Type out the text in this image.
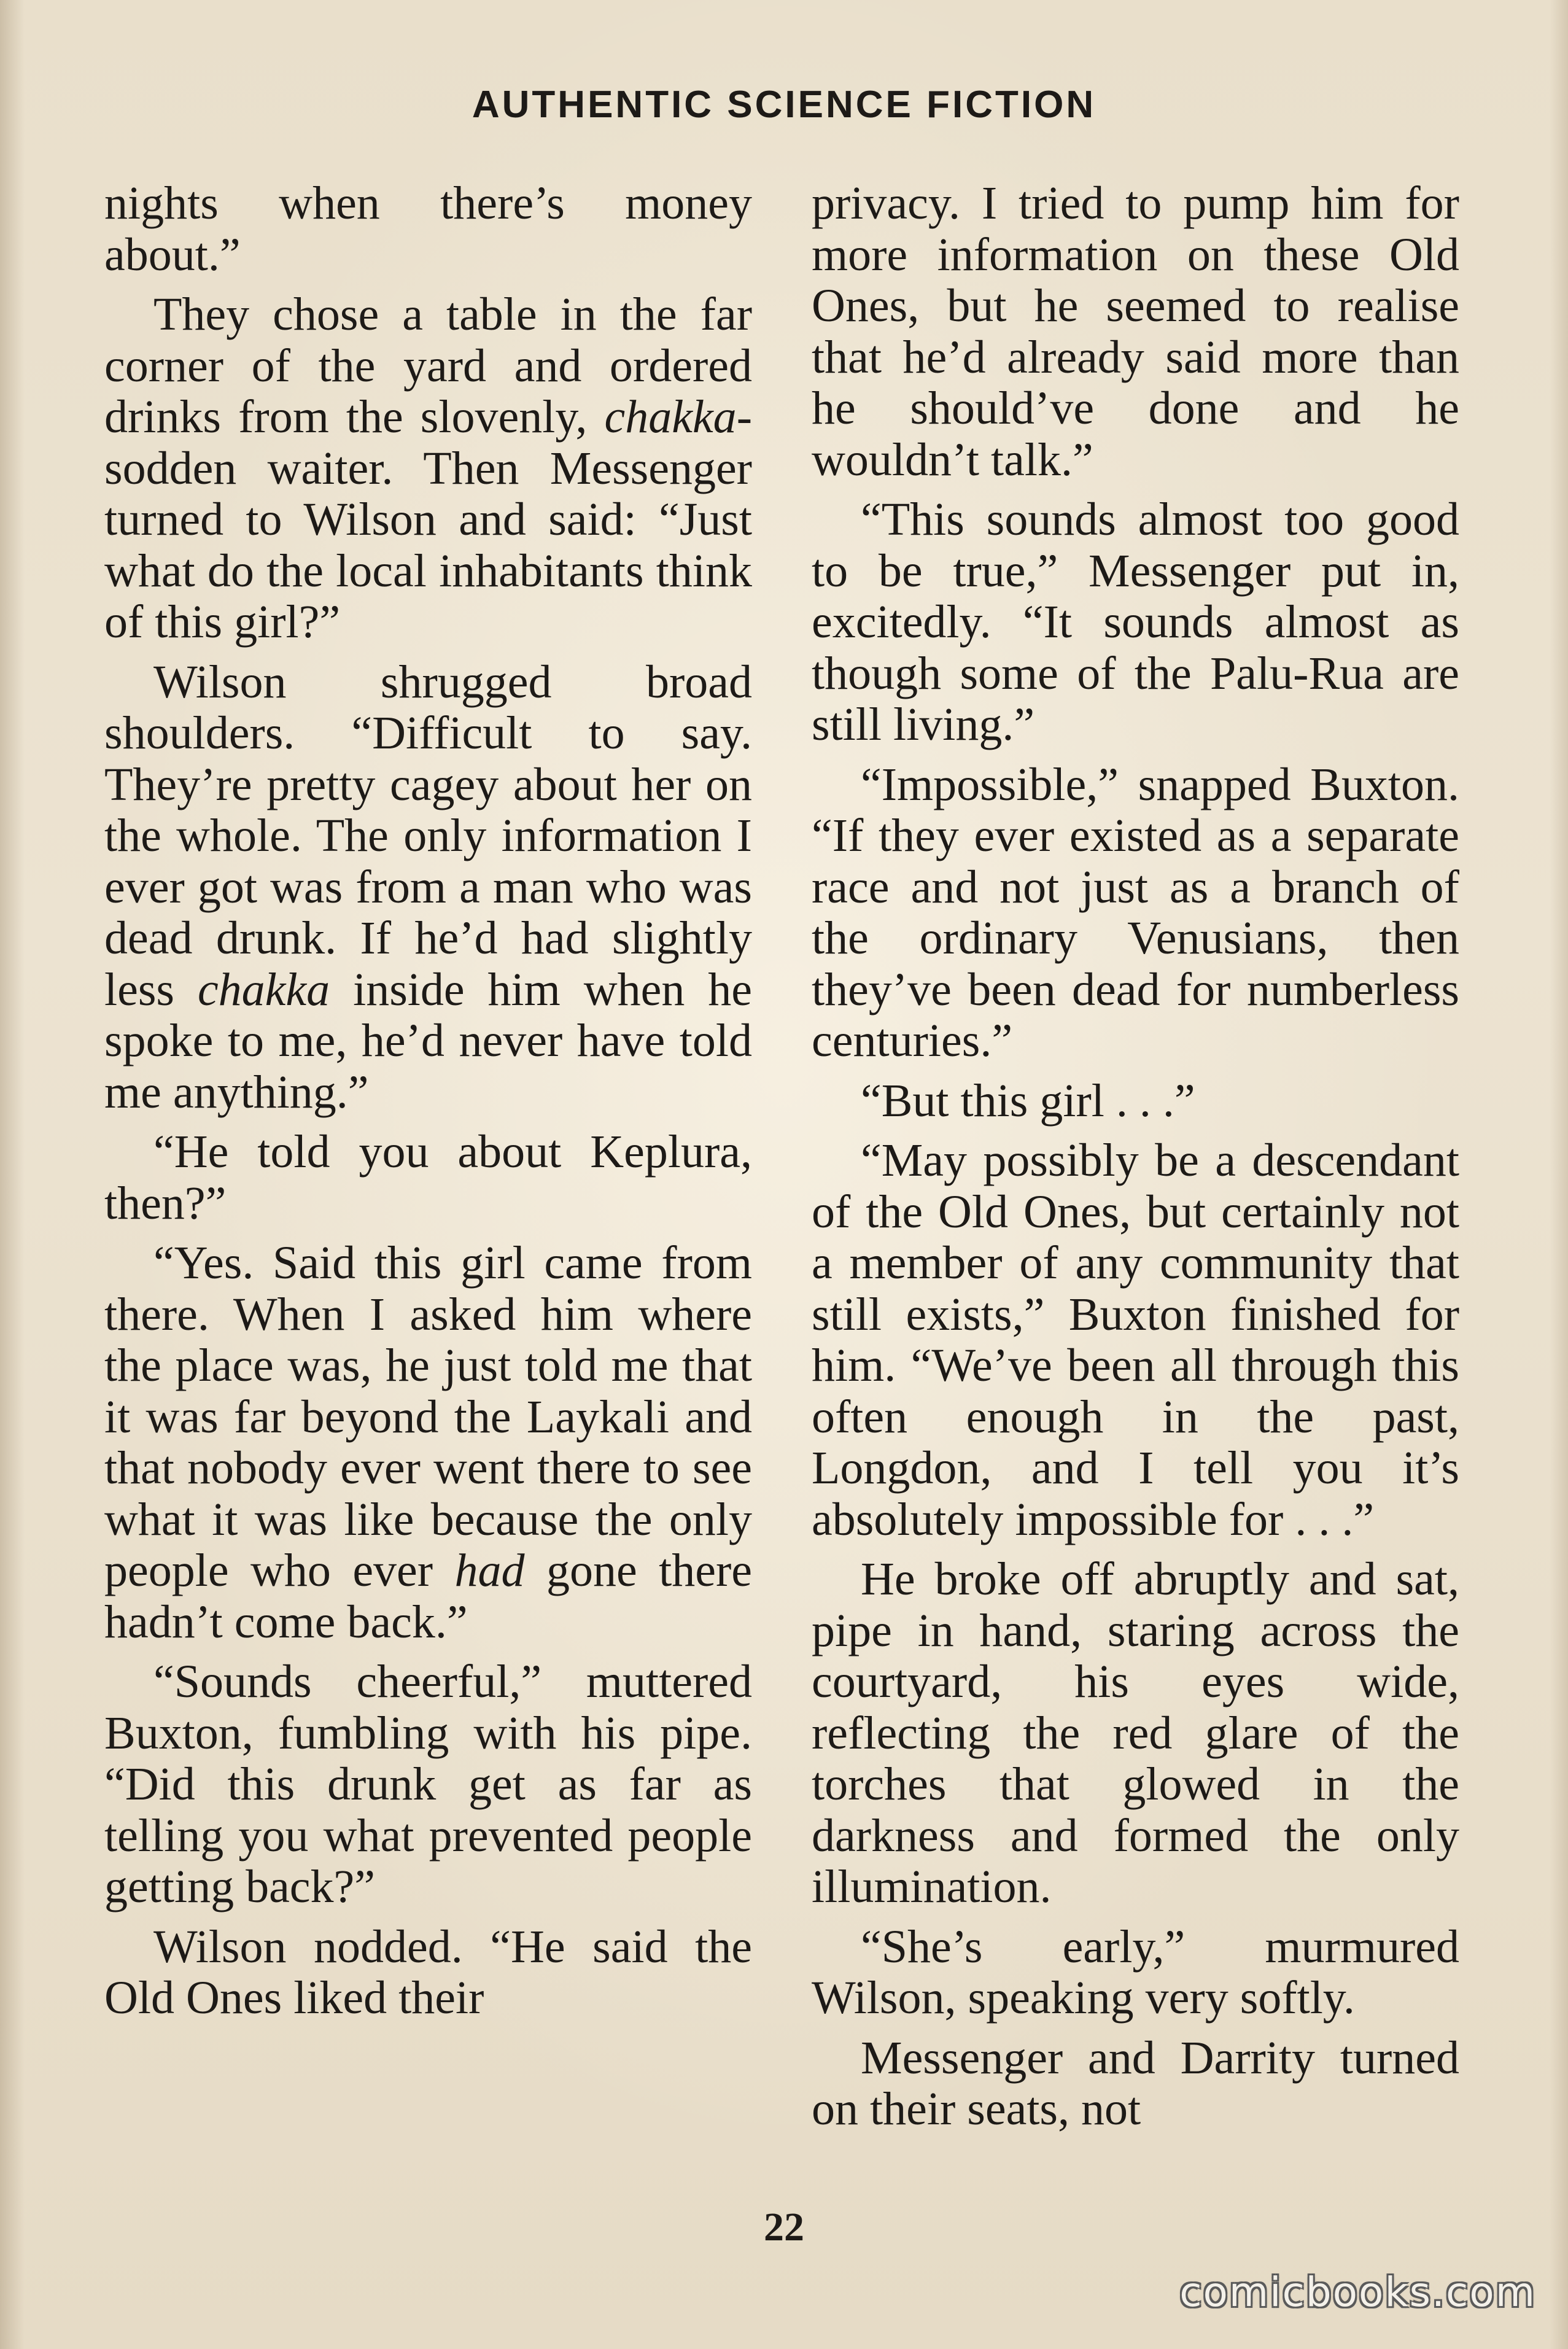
AUTHENTIC SCIENCE FICTION

nights when there’s money about.”

They chose a table in the far corner of the yard and ordered drinks from the slovenly, chakka-sodden waiter. Then Messenger turned to Wilson and said: “Just what do the local inhabitants think of this girl?”

Wilson shrugged broad shoulders. “Difficult to say. They’re pretty cagey about her on the whole. The only information I ever got was from a man who was dead drunk. If he’d had slightly less chakka inside him when he spoke to me, he’d never have told me anything.”

“He told you about Keplura, then?”

“Yes. Said this girl came from there. When I asked him where the place was, he just told me that it was far beyond the Laykali and that nobody ever went there to see what it was like because the only people who ever had gone there hadn’t come back.”

“Sounds cheerful,” muttered Buxton, fumbling with his pipe. “Did this drunk get as far as telling you what prevented people getting back?”

Wilson nodded. “He said the Old Ones liked their

privacy. I tried to pump him for more information on these Old Ones, but he seemed to realise that he’d already said more than he should’ve done and he wouldn’t talk.”

“This sounds almost too good to be true,” Messenger put in, excitedly. “It sounds almost as though some of the Palu-Rua are still living.”

“Impossible,” snapped Buxton. “If they ever existed as a separate race and not just as a branch of the ordinary Venusians, then they’ve been dead for numberless centuries.”

“But this girl . . .”

“May possibly be a descendant of the Old Ones, but certainly not a member of any community that still exists,” Buxton finished for him. “We’ve been all through this often enough in the past, Longdon, and I tell you it’s absolutely impossible for . . .”

He broke off abruptly and sat, pipe in hand, staring across the courtyard, his eyes wide, reflecting the red glare of the torches that glowed in the darkness and formed the only illumination.

“She’s early,” murmured Wilson, speaking very softly.

Messenger and Darrity turned on their seats, not

22
comicbooks.com
